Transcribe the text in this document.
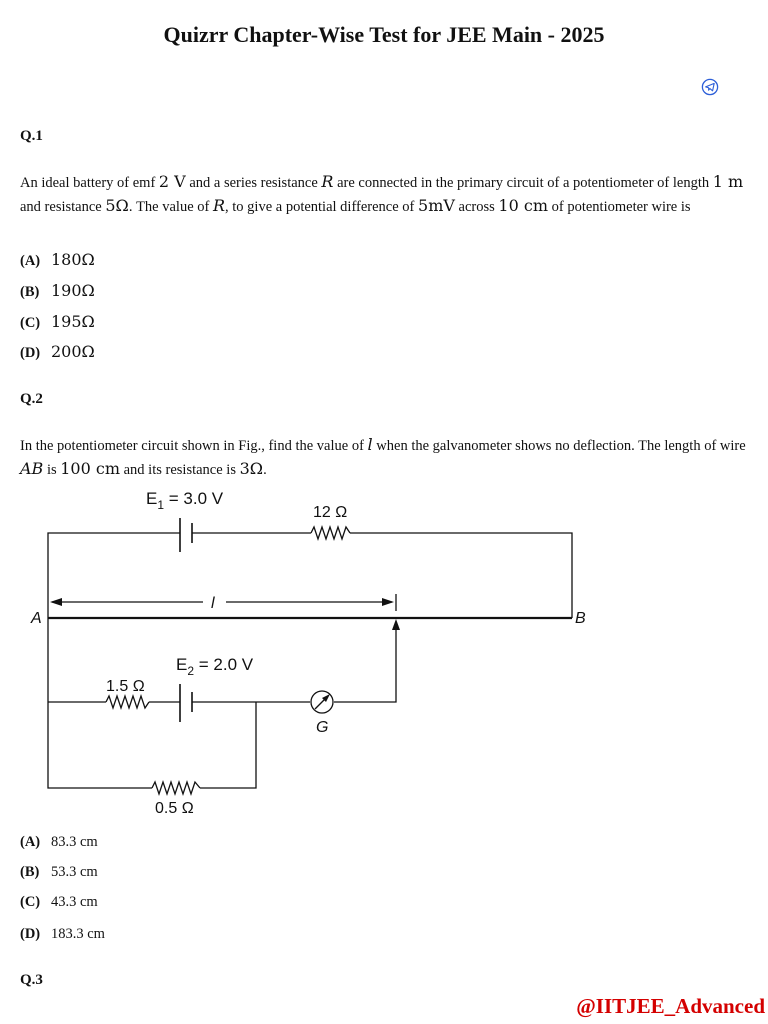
Quizrr Chapter-Wise Test for JEE Main - 2025
Q.1
An ideal battery of emf 2 V and a series resistance R are connected in the primary circuit of a potentiometer of length 1 m and resistance 5Ω. The value of R, to give a potential difference of 5mV across 10 cm of potentiometer wire is
(A) 180Ω
(B) 190Ω
(C) 195Ω
(D) 200Ω
Q.2
In the potentiometer circuit shown in Fig., find the value of l when the galvanometer shows no deflection. The length of wire AB is 100 cm and its resistance is 3Ω.
$E_1 = 3.0$ V
12 Ω
l
A	B
$E_2 = 2.0$ V
1.5 Ω
G
0.5 Ω
(A) 83.3 cm
(B) 53.3 cm
(C) 43.3 cm
(D) 183.3 cm
Q.3
@IITJEE_Advanced
